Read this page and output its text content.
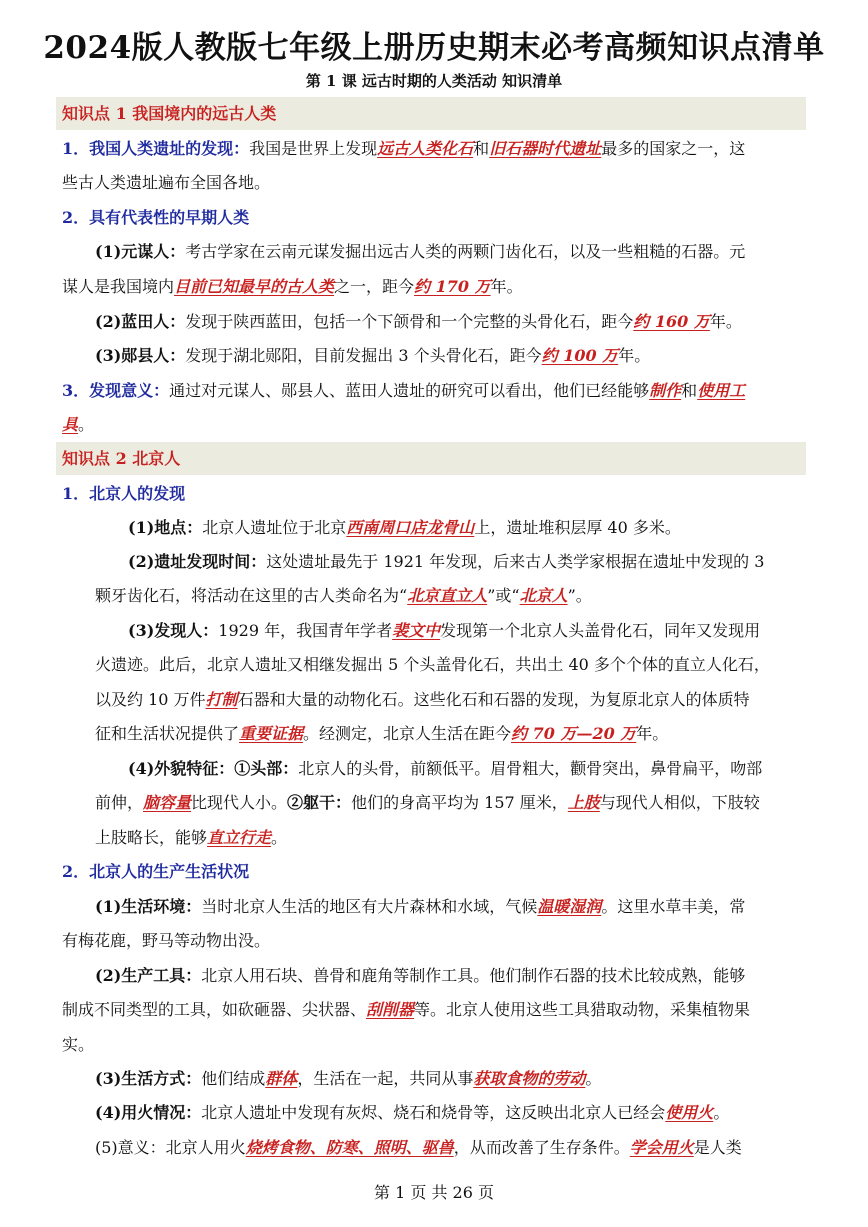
2024版人教版七年级上册历史期末必考高频知识点清单
第 1 课 远古时期的人类活动 知识清单
知识点 1 我国境内的远古人类
1．我国人类遗址的发现：我国是世界上发现远古人类化石和旧石器时代遗址最多的国家之一，这
些古人类遗址遍布全国各地。
2．具有代表性的早期人类
(1)元谋人：考古学家在云南元谋发掘出远古人类的两颗门齿化石，以及一些粗糙的石器。元
谋人是我国境内目前已知最早的古人类之一，距今约 170 万年。
(2)蓝田人：发现于陕西蓝田，包括一个下颌骨和一个完整的头骨化石，距今约 160 万年。
(3)郧县人：发现于湖北郧阳，目前发掘出 3 个头骨化石，距今约 100 万年。
3．发现意义：通过对元谋人、郧县人、蓝田人遗址的研究可以看出，他们已经能够制作和使用工
具。
知识点 2 北京人
1．北京人的发现
(1)地点：北京人遗址位于北京西南周口店龙骨山上，遗址堆积层厚 40 多米。
(2)遗址发现时间：这处遗址最先于 1921 年发现，后来古人类学家根据在遗址中发现的 3
颗牙齿化石，将活动在这里的古人类命名为“北京直立人”或“北京人”。
(3)发现人：1929 年，我国青年学者裴文中发现第一个北京人头盖骨化石，同年又发现用
火遗迹。此后，北京人遗址又相继发掘出 5 个头盖骨化石，共出土 40 多个个体的直立人化石，
以及约 10 万件打制石器和大量的动物化石。这些化石和石器的发现，为复原北京人的体质特
征和生活状况提供了重要证据。经测定，北京人生活在距今约 70 万—20 万年。
(4)外貌特征：①头部：北京人的头骨，前额低平。眉骨粗大，颧骨突出，鼻骨扁平，吻部
前伸，脑容量比现代人小。②躯干：他们的身高平均为 157 厘米，上肢与现代人相似，下肢较
上肢略长，能够直立行走。
2．北京人的生产生活状况
(1)生活环境：当时北京人生活的地区有大片森林和水域，气候温暖湿润。这里水草丰美，常
有梅花鹿，野马等动物出没。
(2)生产工具：北京人用石块、兽骨和鹿角等制作工具。他们制作石器的技术比较成熟，能够
制成不同类型的工具，如砍砸器、尖状器、刮削器等。北京人使用这些工具猎取动物，采集植物果
实。
(3)生活方式：他们结成群体，生活在一起，共同从事获取食物的劳动。
(4)用火情况：北京人遗址中发现有灰烬、烧石和烧骨等，这反映出北京人已经会使用火。
(5)意义：北京人用火烧烤食物、防寒、照明、驱兽，从而改善了生存条件。学会用火是人类
第 1 页 共 26 页
